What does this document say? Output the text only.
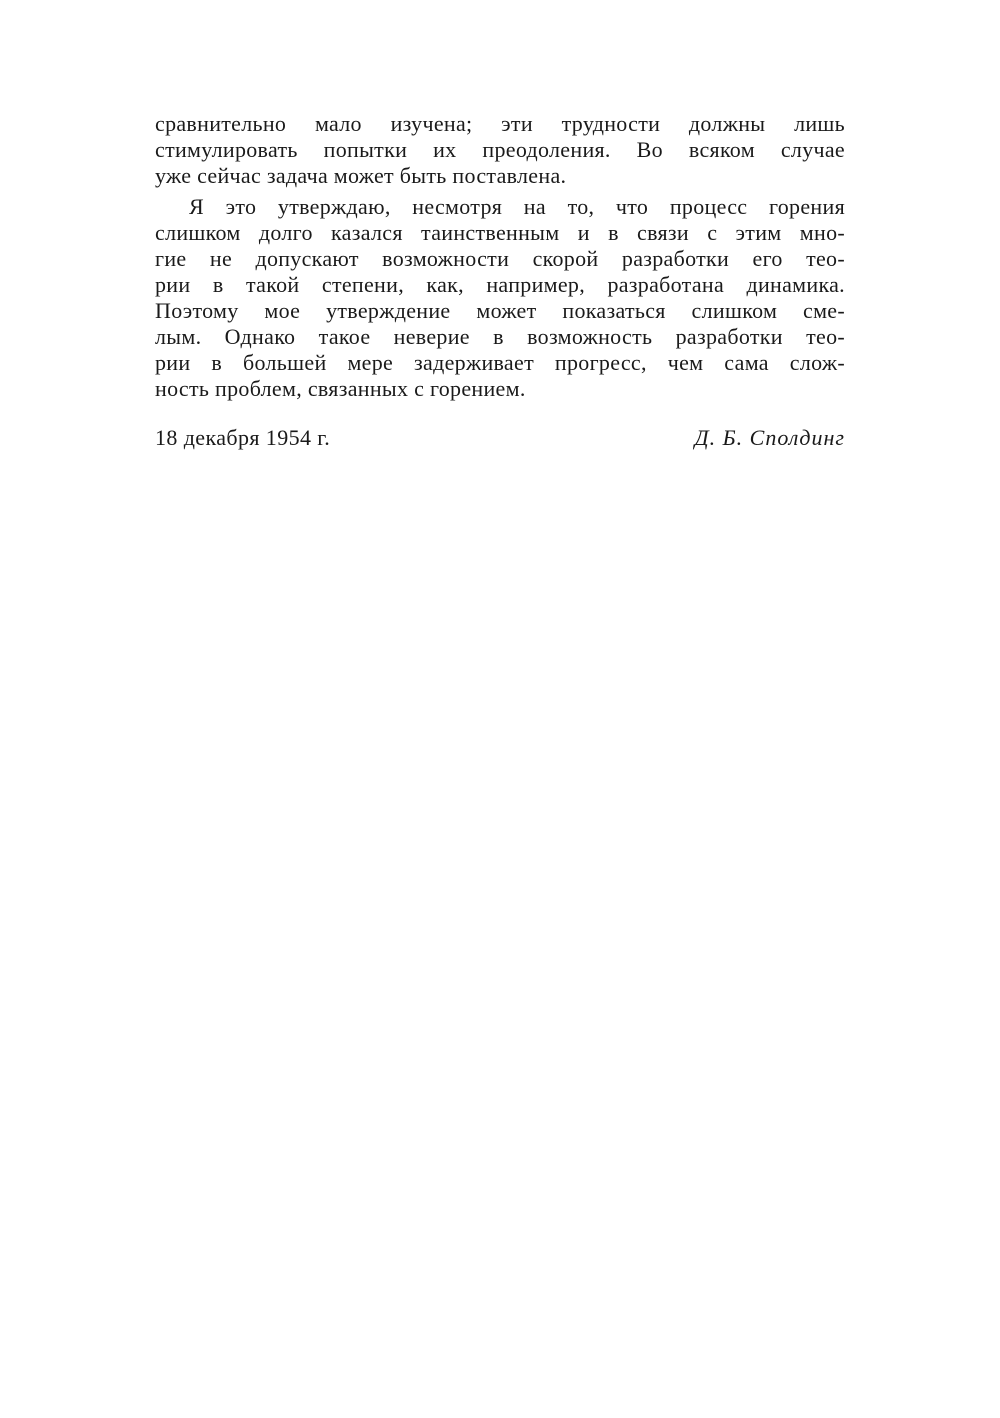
сравнительно мало изучена; эти трудности должны лишь
стимулировать попытки их преодоления. Во всяком случае
уже сейчас задача может быть поставлена.
Я это утверждаю, несмотря на то, что процесс горения
слишком долго казался таинственным и в связи с этим мно-
гие не допускают возможности скорой разработки его тео-
рии в такой степени, как, например, разработана динамика.
Поэтому мое утверждение может показаться слишком сме-
лым. Однако такое неверие в возможность разработки тео-
рии в большей мере задерживает прогресс, чем сама слож-
ность проблем, связанных с горением.
18 декабря 1954 г.	Д. Б. Сполдинг
